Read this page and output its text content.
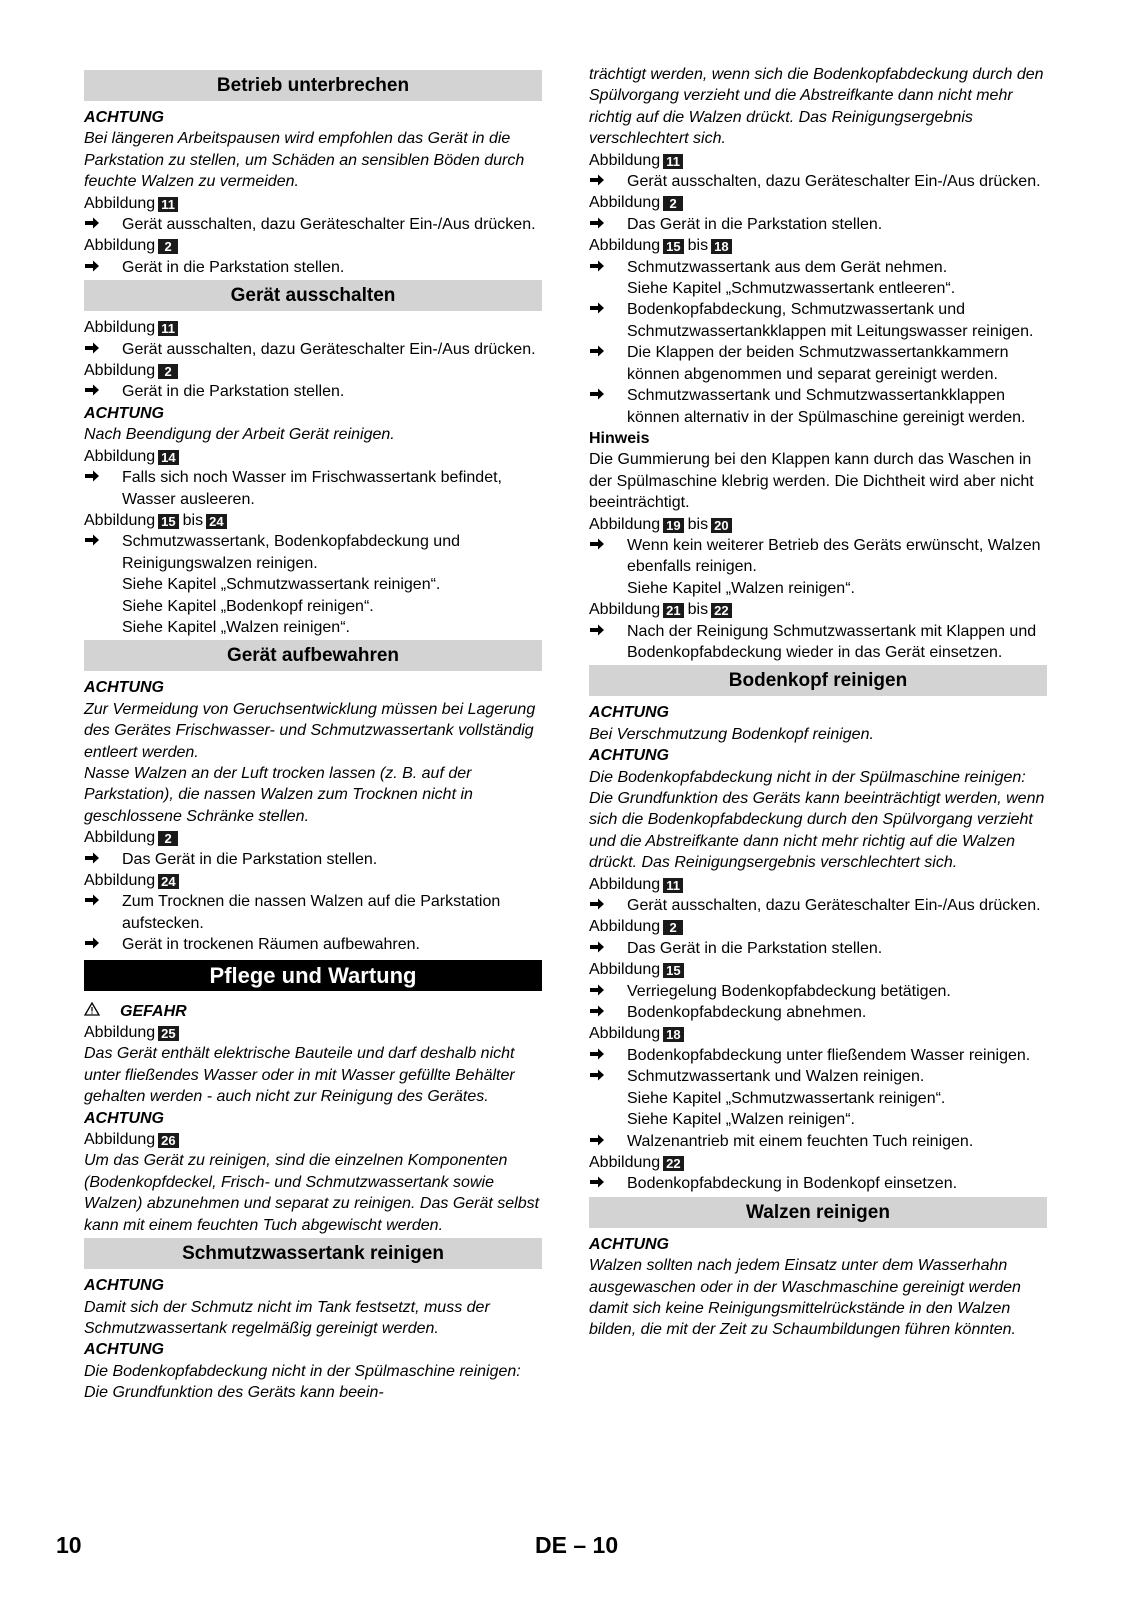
Betrieb unterbrechen
ACHTUNG
Bei längeren Arbeitspausen wird empfohlen das Gerät in die Parkstation zu stellen, um Schäden an sensiblen Böden durch feuchte Walzen zu vermeiden.
Abbildung 11
Gerät ausschalten, dazu Geräteschalter Ein-/Aus drücken.
Abbildung 2
Gerät in die Parkstation stellen.
Gerät ausschalten
Abbildung 11
Gerät ausschalten, dazu Geräteschalter Ein-/Aus drücken.
Abbildung 2
Gerät in die Parkstation stellen.
ACHTUNG
Nach Beendigung der Arbeit Gerät reinigen.
Abbildung 14
Falls sich noch Wasser im Frischwassertank befindet, Wasser ausleeren.
Abbildung 15 bis 24
Schmutzwassertank, Bodenkopfabdeckung und Reinigungswalzen reinigen.
Siehe Kapitel „Schmutzwassertank reinigen“.
Siehe Kapitel „Bodenkopf reinigen“.
Siehe Kapitel „Walzen reinigen“.
Gerät aufbewahren
ACHTUNG
Zur Vermeidung von Geruchsentwicklung müssen bei Lagerung des Gerätes Frischwasser- und Schmutzwassertank vollständig entleert werden.
Nasse Walzen an der Luft trocken lassen (z. B. auf der Parkstation), die nassen Walzen zum Trocknen nicht in geschlossene Schränke stellen.
Abbildung 2
Das Gerät in die Parkstation stellen.
Abbildung 24
Zum Trocknen die nassen Walzen auf die Parkstation aufstecken.
Gerät in trockenen Räumen aufbewahren.
Pflege und Wartung
GEFAHR
Abbildung 25
Das Gerät enthält elektrische Bauteile und darf deshalb nicht unter fließendes Wasser oder in mit Wasser gefüllte Behälter gehalten werden - auch nicht zur Reinigung des Gerätes.
ACHTUNG
Abbildung 26
Um das Gerät zu reinigen, sind die einzelnen Komponenten (Bodenkopfdeckel, Frisch- und Schmutzwassertank sowie Walzen) abzunehmen und separat zu reinigen. Das Gerät selbst kann mit einem feuchten Tuch abgewischt werden.
Schmutzwassertank reinigen
ACHTUNG
Damit sich der Schmutz nicht im Tank festsetzt, muss der Schmutzwassertank regelmäßig gereinigt werden.
ACHTUNG
Die Bodenkopfabdeckung nicht in der Spülmaschine reinigen: Die Grundfunktion des Geräts kann beein-
trächtigt werden, wenn sich die Bodenkopfabdeckung durch den Spülvorgang verzieht und die Abstreifkante dann nicht mehr richtig auf die Walzen drückt. Das Reinigungsergebnis verschlechtert sich.
Abbildung 11
Gerät ausschalten, dazu Geräteschalter Ein-/Aus drücken.
Abbildung 2
Das Gerät in die Parkstation stellen.
Abbildung 15 bis 18
Schmutzwassertank aus dem Gerät nehmen.
Siehe Kapitel „Schmutzwassertank entleeren“.
Bodenkopfabdeckung, Schmutzwassertank und Schmutzwassertankklappen mit Leitungswasser reinigen.
Die Klappen der beiden Schmutzwassertankkammern können abgenommen und separat gereinigt werden.
Schmutzwassertank und Schmutzwassertankklappen können alternativ in der Spülmaschine gereinigt werden.
Hinweis
Die Gummierung bei den Klappen kann durch das Waschen in der Spülmaschine klebrig werden. Die Dichtheit wird aber nicht beeinträchtigt.
Abbildung 19 bis 20
Wenn kein weiterer Betrieb des Geräts erwünscht, Walzen ebenfalls reinigen.
Siehe Kapitel „Walzen reinigen“.
Abbildung 21 bis 22
Nach der Reinigung Schmutzwassertank mit Klappen und Bodenkopfabdeckung wieder in das Gerät einsetzen.
Bodenkopf reinigen
ACHTUNG
Bei Verschmutzung Bodenkopf reinigen.
ACHTUNG
Die Bodenkopfabdeckung nicht in der Spülmaschine reinigen: Die Grundfunktion des Geräts kann beeinträchtigt werden, wenn sich die Bodenkopfabdeckung durch den Spülvorgang verzieht und die Abstreifkante dann nicht mehr richtig auf die Walzen drückt. Das Reinigungsergebnis verschlechtert sich.
Abbildung 11
Gerät ausschalten, dazu Geräteschalter Ein-/Aus drücken.
Abbildung 2
Das Gerät in die Parkstation stellen.
Abbildung 15
Verriegelung Bodenkopfabdeckung betätigen.
Bodenkopfabdeckung abnehmen.
Abbildung 18
Bodenkopfabdeckung unter fließendem Wasser reinigen.
Schmutzwassertank und Walzen reinigen.
Siehe Kapitel „Schmutzwassertank reinigen“.
Siehe Kapitel „Walzen reinigen“.
Walzenantrieb mit einem feuchten Tuch reinigen.
Abbildung 22
Bodenkopfabdeckung in Bodenkopf einsetzen.
Walzen reinigen
ACHTUNG
Walzen sollten nach jedem Einsatz unter dem Wasserhahn ausgewaschen oder in der Waschmaschine gereinigt werden damit sich keine Reinigungsmittelrückstände in den Walzen bilden, die mit der Zeit zu Schaumbildungen führen könnten.
10	DE – 10
